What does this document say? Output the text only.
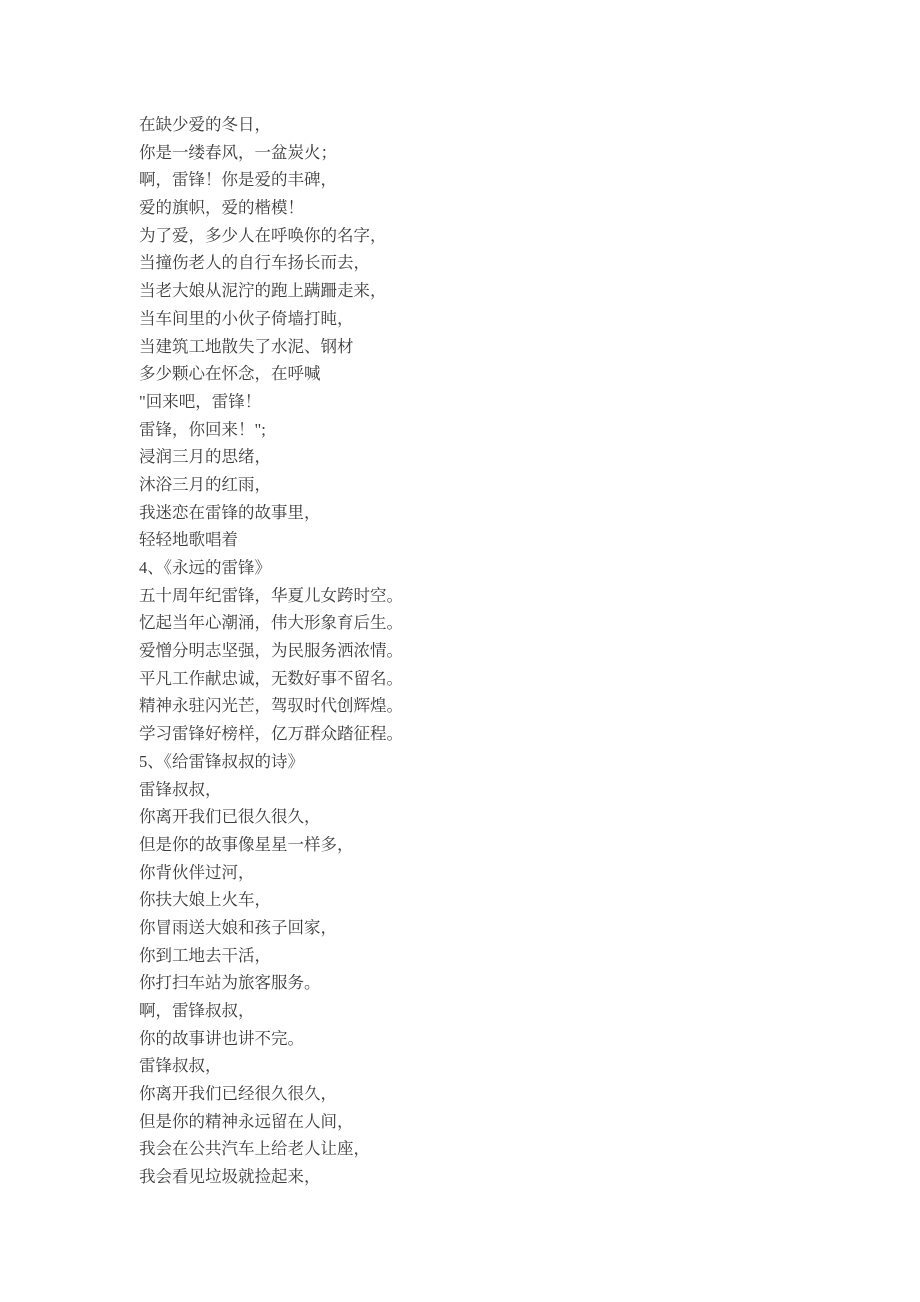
在缺少爱的冬日，

你是一缕春风，一盆炭火；

啊，雷锋！你是爱的丰碑，

爱的旗帜，爱的楷模！

为了爱，多少人在呼唤你的名字，

当撞伤老人的自行车扬长而去，

当老大娘从泥泞的跑上蹒跚走来，

当车间里的小伙子倚墙打盹，

当建筑工地散失了水泥、钢材

多少颗心在怀念，在呼喊

"回来吧，雷锋！

雷锋，你回来！";

浸润三月的思绪，

沐浴三月的红雨，

我迷恋在雷锋的故事里，

轻轻地歌唱着

4、《永远的雷锋》

五十周年纪雷锋，华夏儿女跨时空。

忆起当年心潮涌，伟大形象育后生。

爱憎分明志坚强，为民服务洒浓情。

平凡工作献忠诚，无数好事不留名。

精神永驻闪光芒，驾驭时代创辉煌。

学习雷锋好榜样，亿万群众踏征程。

5、《给雷锋叔叔的诗》

雷锋叔叔，

你离开我们已很久很久，

但是你的故事像星星一样多，

你背伙伴过河，

你扶大娘上火车，

你冒雨送大娘和孩子回家，

你到工地去干活，

你打扫车站为旅客服务。

啊，雷锋叔叔，

你的故事讲也讲不完。

雷锋叔叔，

你离开我们已经很久很久，

但是你的精神永远留在人间，

我会在公共汽车上给老人让座，

我会看见垃圾就捡起来，
